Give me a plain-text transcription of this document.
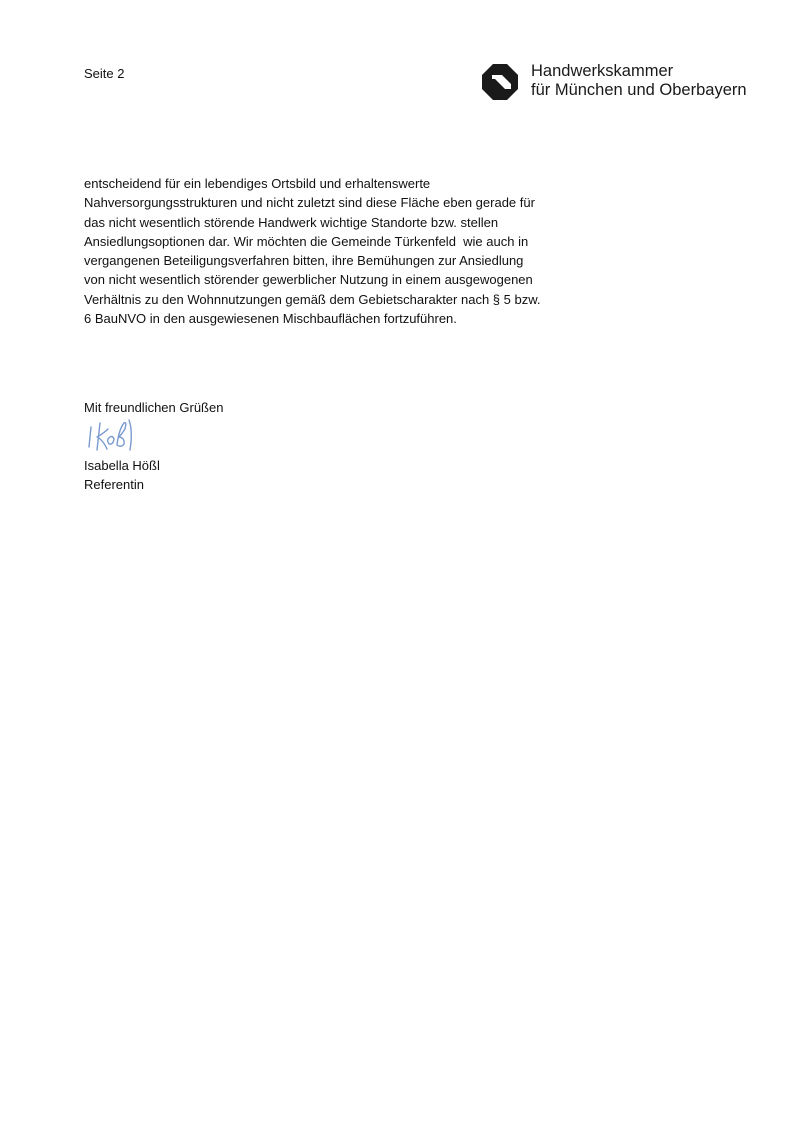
Seite 2	Handwerkskammer
für München und Oberbayern
entscheidend für ein lebendiges Ortsbild und erhaltenswerte
Nahversorgungsstrukturen und nicht zuletzt sind diese Fläche eben gerade für
das nicht wesentlich störende Handwerk wichtige Standorte bzw. stellen
Ansiedlungsoptionen dar. Wir möchten die Gemeinde Türkenfeld  wie auch in
vergangenen Beteiligungsverfahren bitten, ihre Bemühungen zur Ansiedlung
von nicht wesentlich störender gewerblicher Nutzung in einem ausgewogenen
Verhältnis zu den Wohnnutzungen gemäß dem Gebietscharakter nach § 5 bzw.
6 BauNVO in den ausgewiesenen Mischbauflächen fortzuführen.
Mit freundlichen Grüßen
Isabella Hößl
Referentin
